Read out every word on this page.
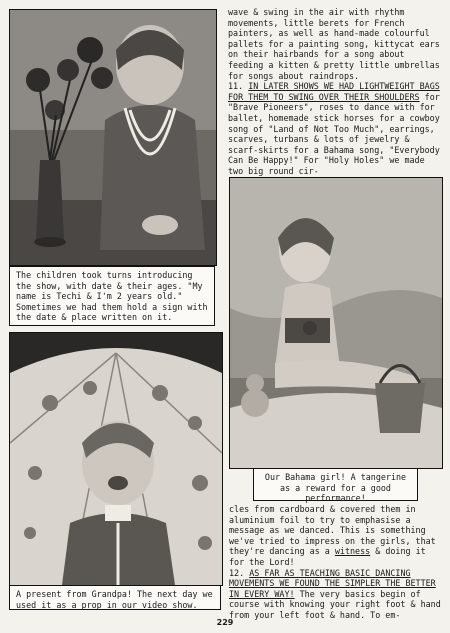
The children took turns introducing the show, with date & their ages. "My name is Techi & I'm 2 years old." Sometimes we had them hold a sign with the date & place written on it.

wave & swing in the air with rhythm movements, little berets for French painters, as well as hand-made colourful pallets for a painting song, kittycat ears on their hairbands for a song about feeding a kitten & pretty little umbrellas for songs about raindrops.

11. IN LATER SHOWS WE HAD LIGHTWEIGHT BAGS FOR THEM TO SWING OVER THEIR SHOULDERS for "Brave Pioneers", roses to dance with for ballet, homemade stick horses for a cowboy song of "Land of Not Too Much", earrings, scarves, turbans & lots of jewelry & scarf-skirts for a Bahama song, "Everybody Can Be Happy!" For "Holy Holes" we made two big round cir-

Our Bahama girl! A tangerine as a reward for a good performance!
A present from Grandpa! The next day we used it as a prop in our video show.

cles from cardboard & covered them in aluminium foil to try to emphasise a message as we danced. This is something we've tried to impress on the girls, that they're dancing as a witness & doing it for the Lord!

12. AS FAR AS TEACHING BASIC DANCING MOVEMENTS WE FOUND THE SIMPLER THE BETTER IN EVERY WAY! The very basics begin of course with knowing your right foot & hand from your left foot & hand. To em-

229
